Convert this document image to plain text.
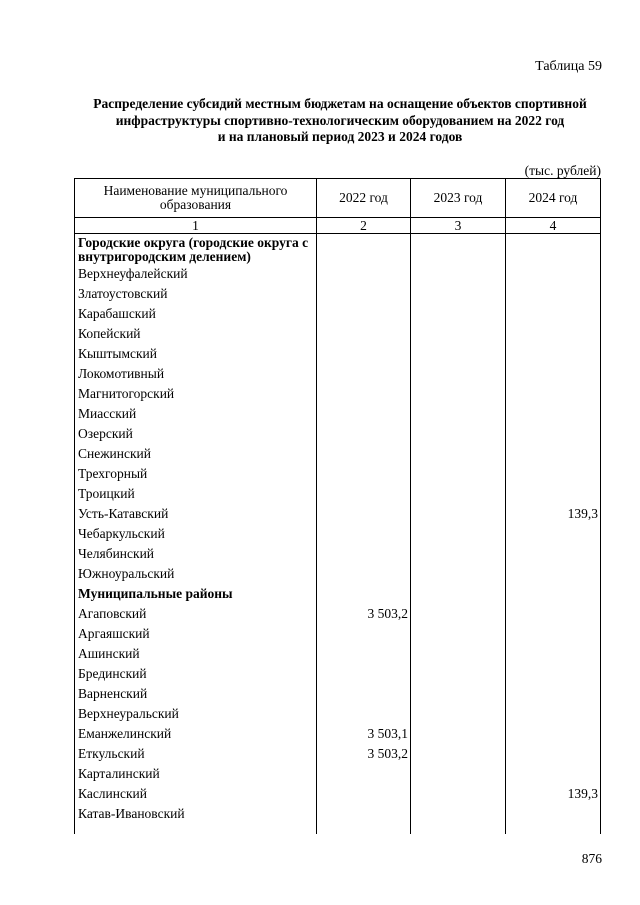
Таблица 59
Распределение субсидий местным бюджетам на оснащение объектов спортивной
инфраструктуры спортивно-технологическим оборудованием на 2022 год
и на плановый период 2023 и 2024 годов
(тыс. рублей)
Наименование муниципального
образования	2022 год	2023 год	2024 год
1	2	3	4
Городские округа (городские округа с внутригородским делением)			
Верхнеуфалейский			
Златоустовский			
Карабашский			
Копейский			
Кыштымский			
Локомотивный			
Магнитогорский			
Миасский			
Озерский			
Снежинский			
Трехгорный			
Троицкий			
Усть-Катавский			139,3
Чебаркульский			
Челябинский			
Южноуральский			
Муниципальные районы			
Агаповский	3 503,2		
Аргаяшский			
Ашинский			
Брединский			
Варненский			
Верхнеуральский			
Еманжелинский	3 503,1		
Еткульский	3 503,2		
Карталинский			
Каслинский			139,3
Катав-Ивановский			

876
